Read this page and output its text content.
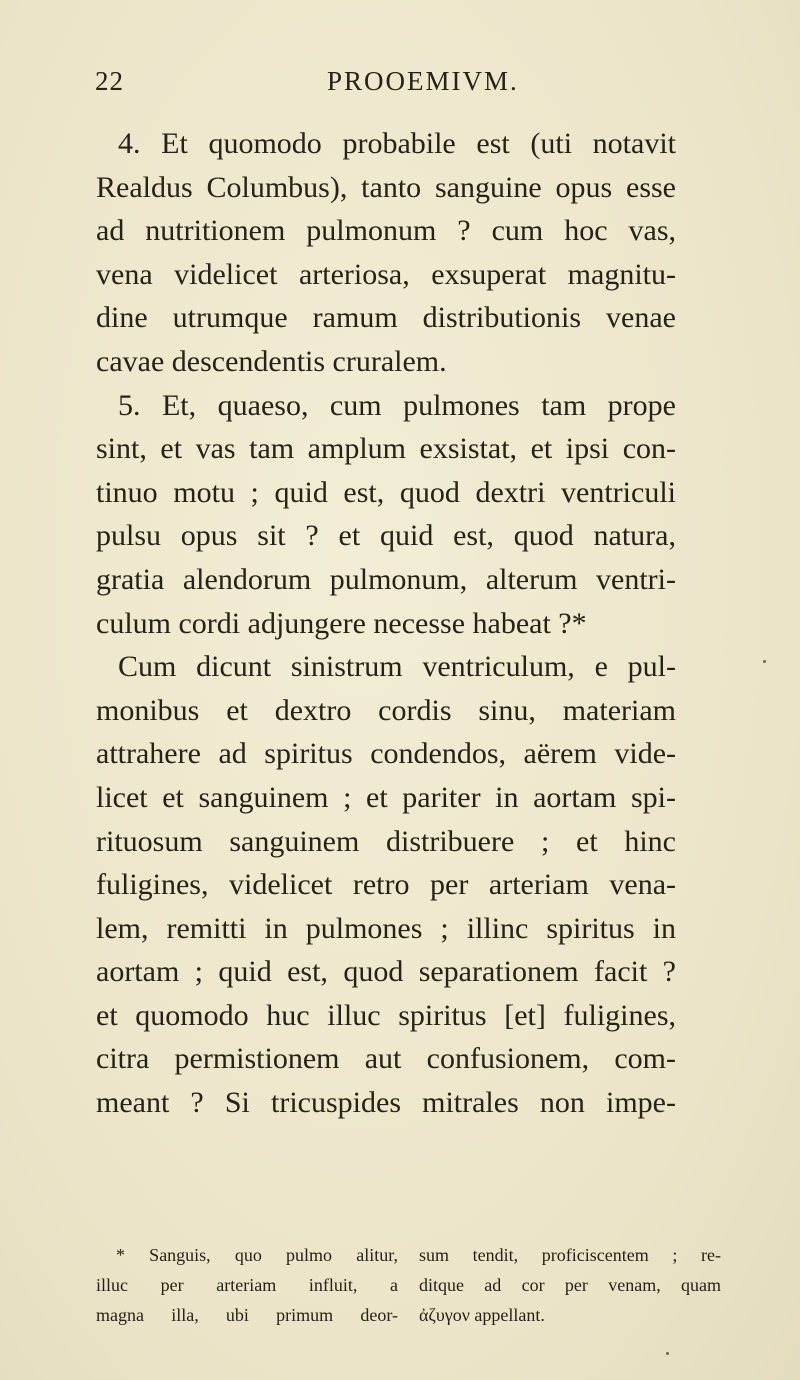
22	PROOEMIVM.
4. Et quomodo probabile est (uti notavit
Realdus Columbus), tanto sanguine opus esse
ad nutritionem pulmonum ? cum hoc vas,
vena videlicet arteriosa, exsuperat magnitu-
dine utrumque ramum distributionis venae
cavae descendentis cruralem.
5. Et, quaeso, cum pulmones tam prope
sint, et vas tam amplum exsistat, et ipsi con-
tinuo motu ; quid est, quod dextri ventriculi
pulsu opus sit ? et quid est, quod natura,
gratia alendorum pulmonum, alterum ventri-
culum cordi adjungere necesse habeat ?*
Cum dicunt sinistrum ventriculum, e pul-
monibus et dextro cordis sinu, materiam
attrahere ad spiritus condendos, aërem vide-
licet et sanguinem ; et pariter in aortam spi-
rituosum sanguinem distribuere ; et hinc
fuligines, videlicet retro per arteriam vena-
lem, remitti in pulmones ; illinc spiritus in
aortam ; quid est, quod separationem facit ?
et quomodo huc illuc spiritus [et] fuligines,
citra permistionem aut confusionem, com-
meant ? Si tricuspides mitrales non impe-
* Sanguis, quo pulmo alitur,
illuc per arteriam influit, a
magna illa, ubi primum deor-
sum tendit, proficiscentem ; re-
ditque ad cor per venam, quam
ἀζυγον appellant.
